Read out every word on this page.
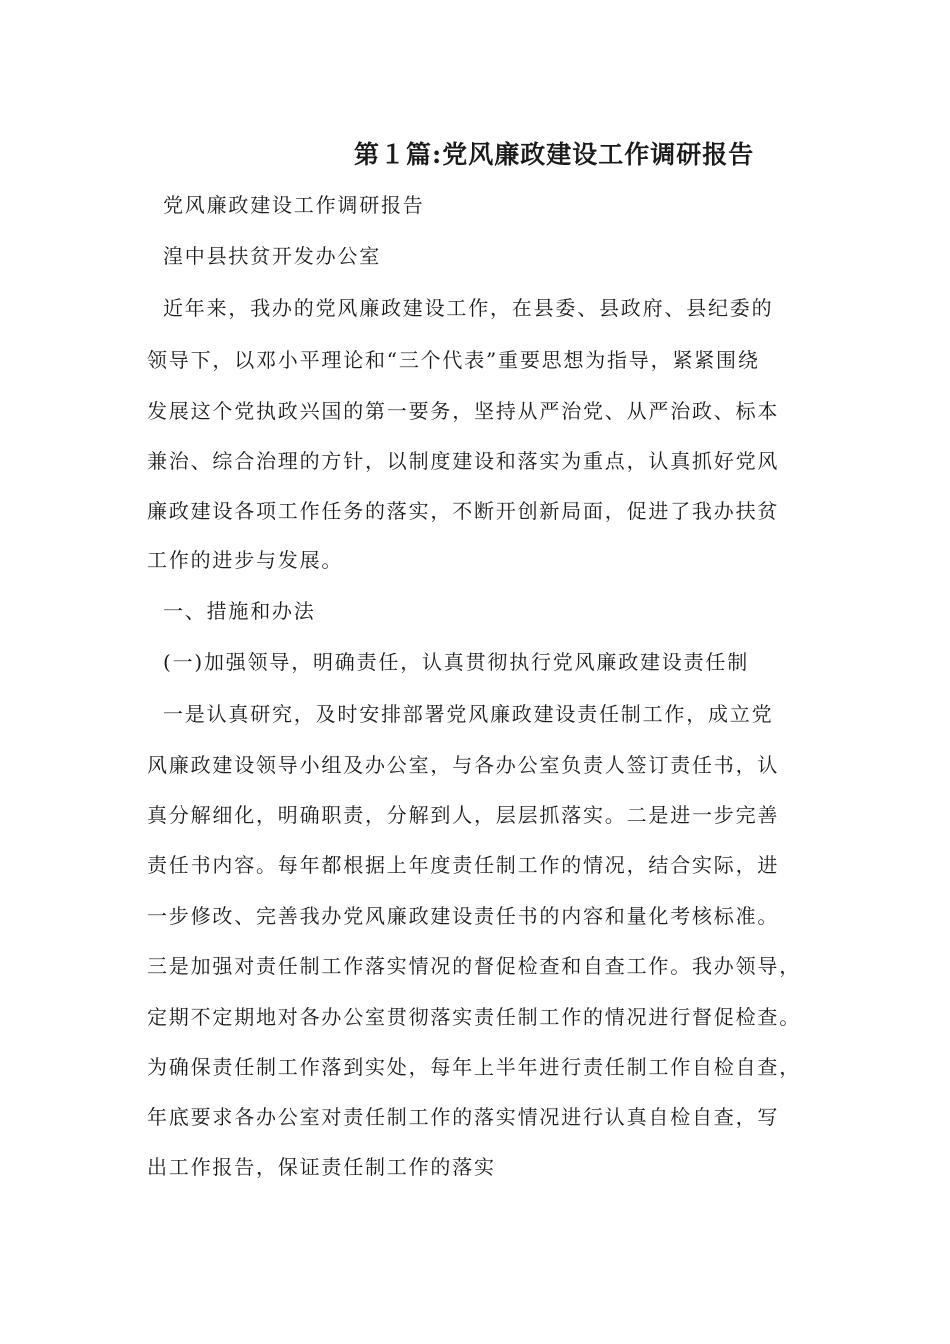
第１篇:党风廉政建设工作调研报告

党风廉政建设工作调研报告

湟中县扶贫开发办公室

近年来，我办的党风廉政建设工作，在县委、县政府、县纪委的

领导下，以邓小平理论和“三个代表”重要思想为指导，紧紧围绕

发展这个党执政兴国的第一要务，坚持从严治党、从严治政、标本

兼治、综合治理的方针，以制度建设和落实为重点，认真抓好党风

廉政建设各项工作任务的落实，不断开创新局面，促进了我办扶贫

工作的进步与发展。

一、措施和办法

(一)加强领导，明确责任，认真贯彻执行党风廉政建设责任制

一是认真研究，及时安排部署党风廉政建设责任制工作，成立党

风廉政建设领导小组及办公室，与各办公室负责人签订责任书，认

真分解细化，明确职责，分解到人，层层抓落实。二是进一步完善

责任书内容。每年都根据上年度责任制工作的情况，结合实际，进

一步修改、完善我办党风廉政建设责任书的内容和量化考核标准。

三是加强对责任制工作落实情况的督促检查和自查工作。我办领导，

定期不定期地对各办公室贯彻落实责任制工作的情况进行督促检查。

为确保责任制工作落到实处，每年上半年进行责任制工作自检自查，

年底要求各办公室对责任制工作的落实情况进行认真自检自查，写

出工作报告，保证责任制工作的落实
